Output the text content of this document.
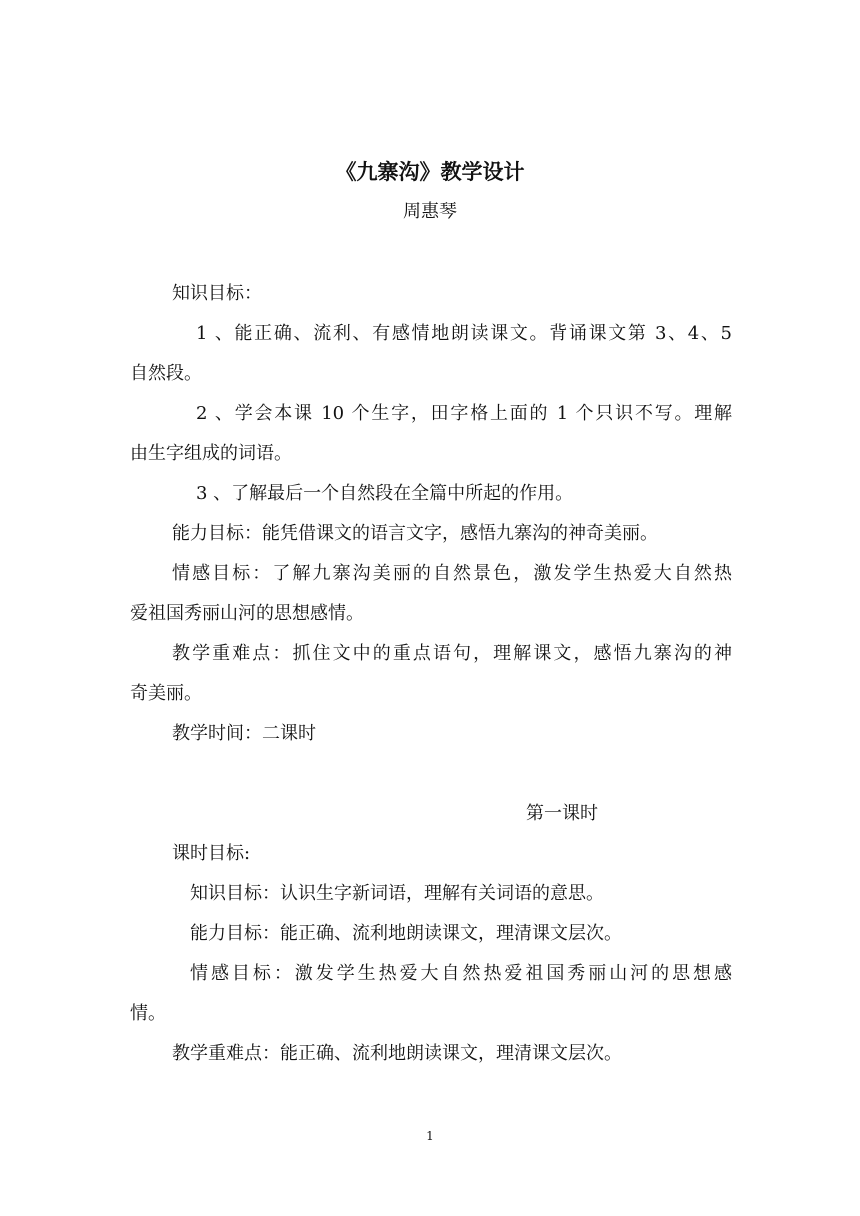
《九寨沟》教学设计
周惠琴
知识目标：
1 、能正确、流利、有感情地朗读课文。背诵课文第 3、4、5
自然段。
2 、学会本课 10 个生字，田字格上面的 1 个只识不写。理解
由生字组成的词语。
3 、了解最后一个自然段在全篇中所起的作用。
能力目标：能凭借课文的语言文字，感悟九寨沟的神奇美丽。
情感目标：了解九寨沟美丽的自然景色，激发学生热爱大自然热
爱祖国秀丽山河的思想感情。
教学重难点：抓住文中的重点语句，理解课文，感悟九寨沟的神
奇美丽。
教学时间：二课时
第一课时
课时目标:
知识目标：认识生字新词语，理解有关词语的意思。
能力目标：能正确、流利地朗读课文，理清课文层次。
情感目标：激发学生热爱大自然热爱祖国秀丽山河的思想感
情。
教学重难点：能正确、流利地朗读课文，理清课文层次。
1
